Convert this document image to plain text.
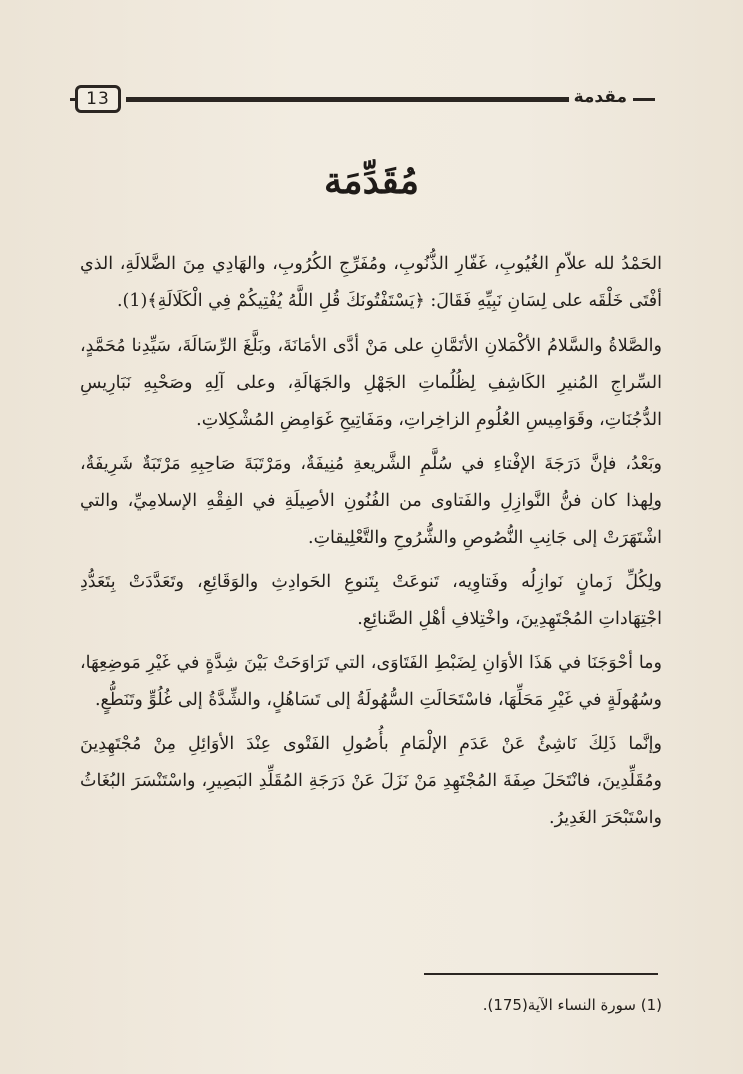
13	مقدمة
مُقَدِّمَة

الحَمْدُ لله علاّمِ الغُيُوبِ، غَفّارِ الذُّنُوبِ، ومُفَرِّجِ الكُرُوبِ، والهَادِي مِنَ الضَّلالَةِ، الذي أفْتَى خَلْقَه على لِسَانِ نَبِيِّهِ فَقَالَ: ﴿يَسْتَفْتُونَكَ قُلِ اللَّهُ يُفْتِيكُمْ فِي الْكَلَالَةِ﴾(1).

والصَّلاةُ والسَّلامُ الأكْمَلانِ الأتَمَّانِ على مَنْ أدَّى الأمَانَةَ، وبَلَّغَ الرِّسَالَةَ، سَيِّدِنا مُحَمَّدٍ، السِّراجِ المُنيرِ الكَاشِفِ لِظُلُماتِ الجَهْلِ والجَهَالَةِ، وعلى آلِهِ وصَحْبِهِ نَبَارِيسِ الدُّجُنَاتِ، وقَوَامِيسِ العُلُومِ الزاخِراتِ، ومَفَاتِيحِ غَوَامِضِ المُشْكِلاتِ.

وبَعْدُ، فإنَّ دَرَجَةَ الإفْتاءِ في سُلَّمِ الشَّريعةِ مُنِيفَةٌ، ومَرْتَبَةَ صَاحِبِهِ مَرْتَبَةٌ شَرِيفَةٌ، ولِهذا كان فنُّ النَّوازِلِ والفَتاوى من الفُنُونِ الأصِيلَةِ في الفِقْهِ الإسلامِيِّ، والتي اشْتَهَرَتْ إلى جَانِبِ النُّصُوصِ والشُّرُوحِ والتَّعْلِيقاتِ.

ولِكُلِّ زَمانٍ نَوازِلُه وفَتاوِيه، تَنوعَتْ بِتَنوعِ الحَوادِثِ والوَقَائِعِ، وتَعَدَّدَتْ بِتَعَدُّدِ اجْتِهَاداتِ المُجْتَهِدِينَ، واخْتِلافِ أهْلِ الصَّنائِعِ.

وما أحْوَجَنَا في هَذَا الأوَانِ لِضَبْطِ الفَتَاوَى، التي تَرَاوَحَتْ بَيْنَ شِدَّةٍ في غَيْرِ مَوضِعِهَا، وسُهُولَةٍ في غَيْرِ مَحَلِّهَا، فاسْتَحَالَتِ السُّهُولَةُ إلى تَسَاهُلٍ، والشِّدَّةُ إلى غُلُوٍّ وتَنَطُّعٍ.

وإنَّما ذَلِكَ نَاشِئٌ عَنْ عَدَمِ الإلْمَامِ بأُصُولِ الفَتْوى عِنْدَ الأوَائِلِ مِنْ مُجْتَهِدِينَ ومُقَلِّدِينَ، فانْتَحَلَ صِفَةَ المُجْتَهِدِ مَنْ نَزَلَ عَنْ دَرَجَةِ المُقَلِّدِ البَصِيرِ، واسْتَنْسَرَ البُغَاثُ واسْتَبْحَرَ الغَدِيرُ.

(1) سورة النساء الآية(175).
